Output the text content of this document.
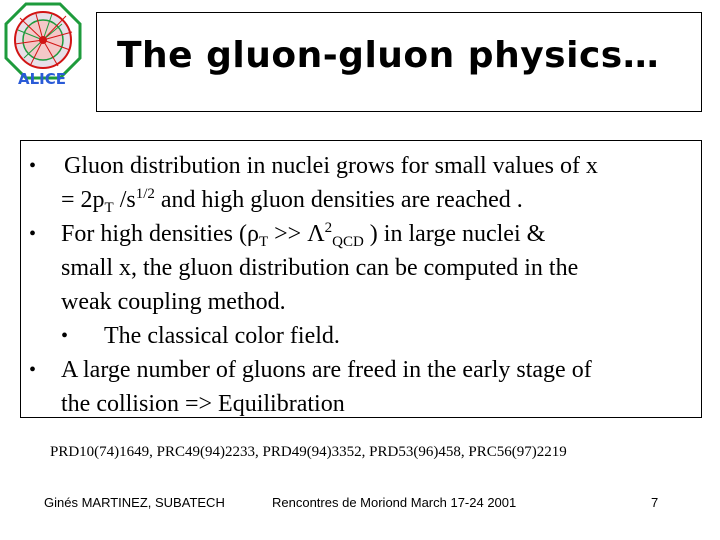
ALICE
The gluon-gluon physics…
• Gluon distribution in nuclei grows for small values of x
= $2p_T$ $/s^{1/2}$ and high gluon densities are reached .
• For high densities ($\rho_T >> \Lambda^2_{QCD}$ ) in large nuclei &
small x, the gluon distribution can be computed in the
weak coupling method.
• The classical color field.
• A large number of gluons are freed in the early stage of
the collision => Equilibration
PRD10(74)1649, PRC49(94)2233, PRD49(94)3352, PRD53(96)458, PRC56(97)2219
Ginés MARTINEZ, SUBATECH	Rencontres de Moriond March 17-24 2001	7
